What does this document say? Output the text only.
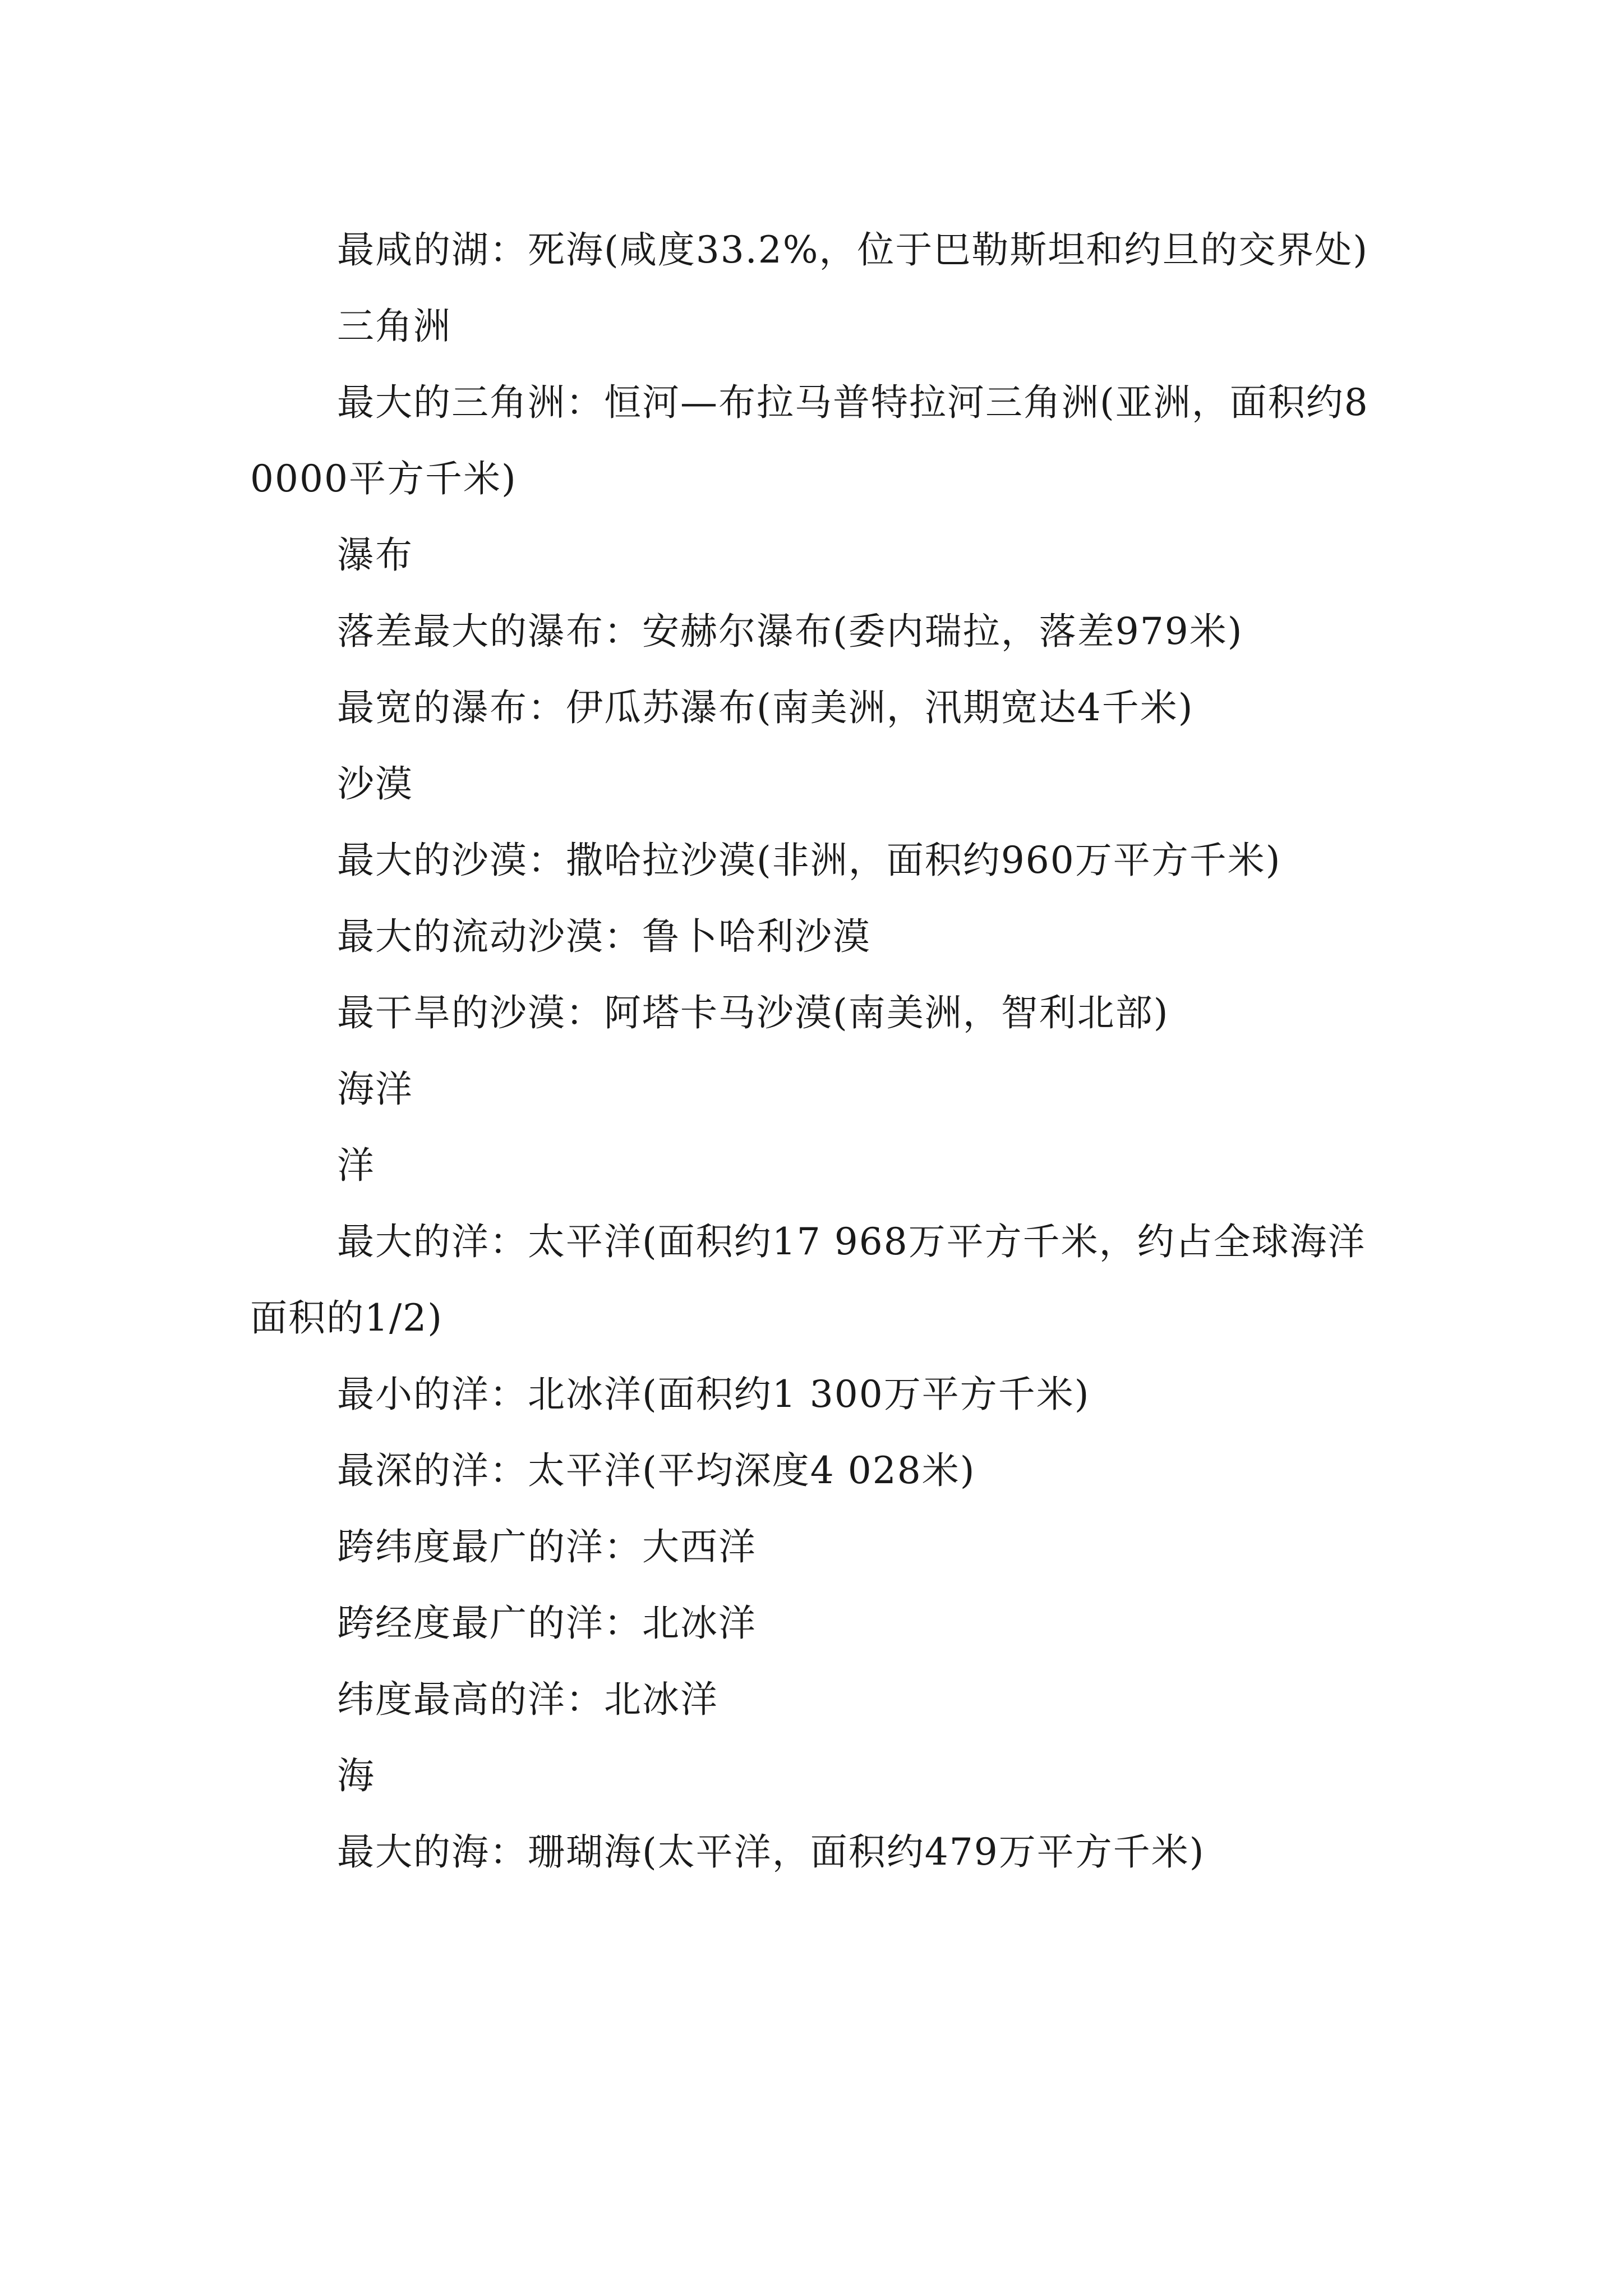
最咸的湖：死海(咸度33.2%，位于巴勒斯坦和约旦的交界处)

三角洲

最大的三角洲：恒河—布拉马普特拉河三角洲(亚洲，面积约8 0000平方千米)

瀑布

落差最大的瀑布：安赫尔瀑布(委内瑞拉，落差979米)

最宽的瀑布：伊瓜苏瀑布(南美洲，汛期宽达4千米)

沙漠

最大的沙漠：撒哈拉沙漠(非洲，面积约960万平方千米)

最大的流动沙漠：鲁卜哈利沙漠

最干旱的沙漠：阿塔卡马沙漠(南美洲，智利北部)

海洋

洋

最大的洋：太平洋(面积约17 968万平方千米，约占全球海洋面积的1/2)

最小的洋：北冰洋(面积约1 300万平方千米)

最深的洋：太平洋(平均深度4 028米)

跨纬度最广的洋：大西洋

跨经度最广的洋：北冰洋

纬度最高的洋：北冰洋

海

最大的海：珊瑚海(太平洋，面积约479万平方千米)
